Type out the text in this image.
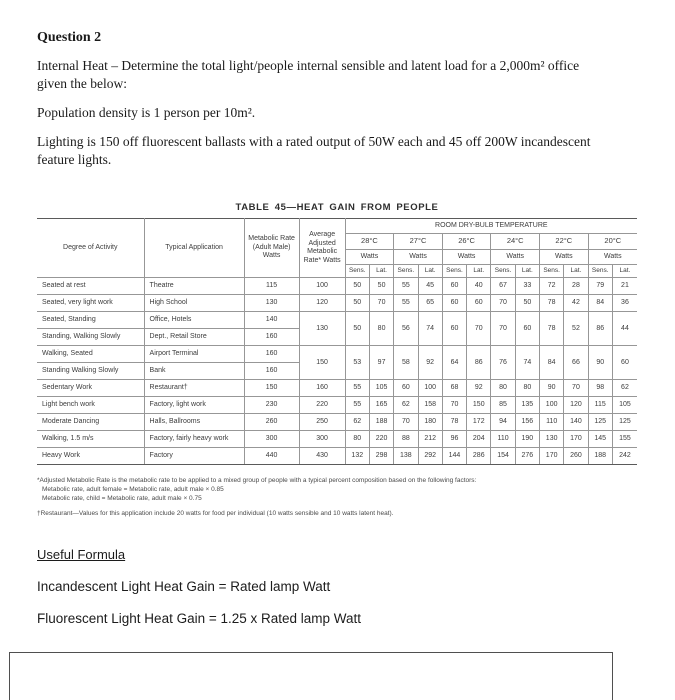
Question 2
Internal Heat – Determine the total light/people internal sensible and latent load for a 2,000m² office
given the below:
Population density is 1 person per 10m².
Lighting is 150 off fluorescent ballasts with a rated output of 50W each and 45 off 200W incandescent
feature lights.
TABLE 45—HEAT GAIN FROM PEOPLE
Degree of Activity	Typical Application	Metabolic Rate (Adult Male) Watts	Average Adjusted Metabolic Rate* Watts	ROOM DRY-BULB TEMPERATURE											
				28°C		27°C		26°C		24°C		22°C		20°C	
				Watts		Watts		Watts		Watts		Watts		Watts	
				Sens.	Lat.	Sens.	Lat.	Sens.	Lat.	Sens.	Lat.	Sens.	Lat.	Sens.	Lat.
Seated at rest	Theatre	115	100	50	50	55	45	60	40	67	33	72	28	79	21
Seated, very light work	High School	130	120	50	70	55	65	60	60	70	50	78	42	84	36
Seated, Standing	Office, Hotels	140	130	50	80	56	74	60	70	70	60	78	52	86	44
Standing, Walking Slowly	Dept., Retail Store	160													
Walking, Seated	Airport Terminal	160	150	53	97	58	92	64	86	76	74	84	66	90	60
Standing Walking Slowly	Bank	160													
Sedentary Work	Restaurant†	150	160	55	105	60	100	68	92	80	80	90	70	98	62
Light bench work	Factory, light work	230	220	55	165	62	158	70	150	85	135	100	120	115	105
Moderate Dancing	Halls, Ballrooms	260	250	62	188	70	180	78	172	94	156	110	140	125	125
Walking, 1.5 m/s	Factory, fairly heavy work	300	300	80	220	88	212	96	204	110	190	130	170	145	155
Heavy Work	Factory	440	430	132	298	138	292	144	286	154	276	170	260	188	242
*Adjusted Metabolic Rate is the metabolic rate to be applied to a mixed group of people with a typical percent composition based on the following factors:
Metabolic rate, adult female = Metabolic rate, adult male × 0.85
Metabolic rate, child = Metabolic rate, adult male × 0.75
†Restaurant—Values for this application include 20 watts for food per individual (10 watts sensible and 10 watts latent heat).
Useful Formula
Incandescent Light Heat Gain = Rated lamp Watt
Fluorescent Light Heat Gain = 1.25 x Rated lamp Watt
